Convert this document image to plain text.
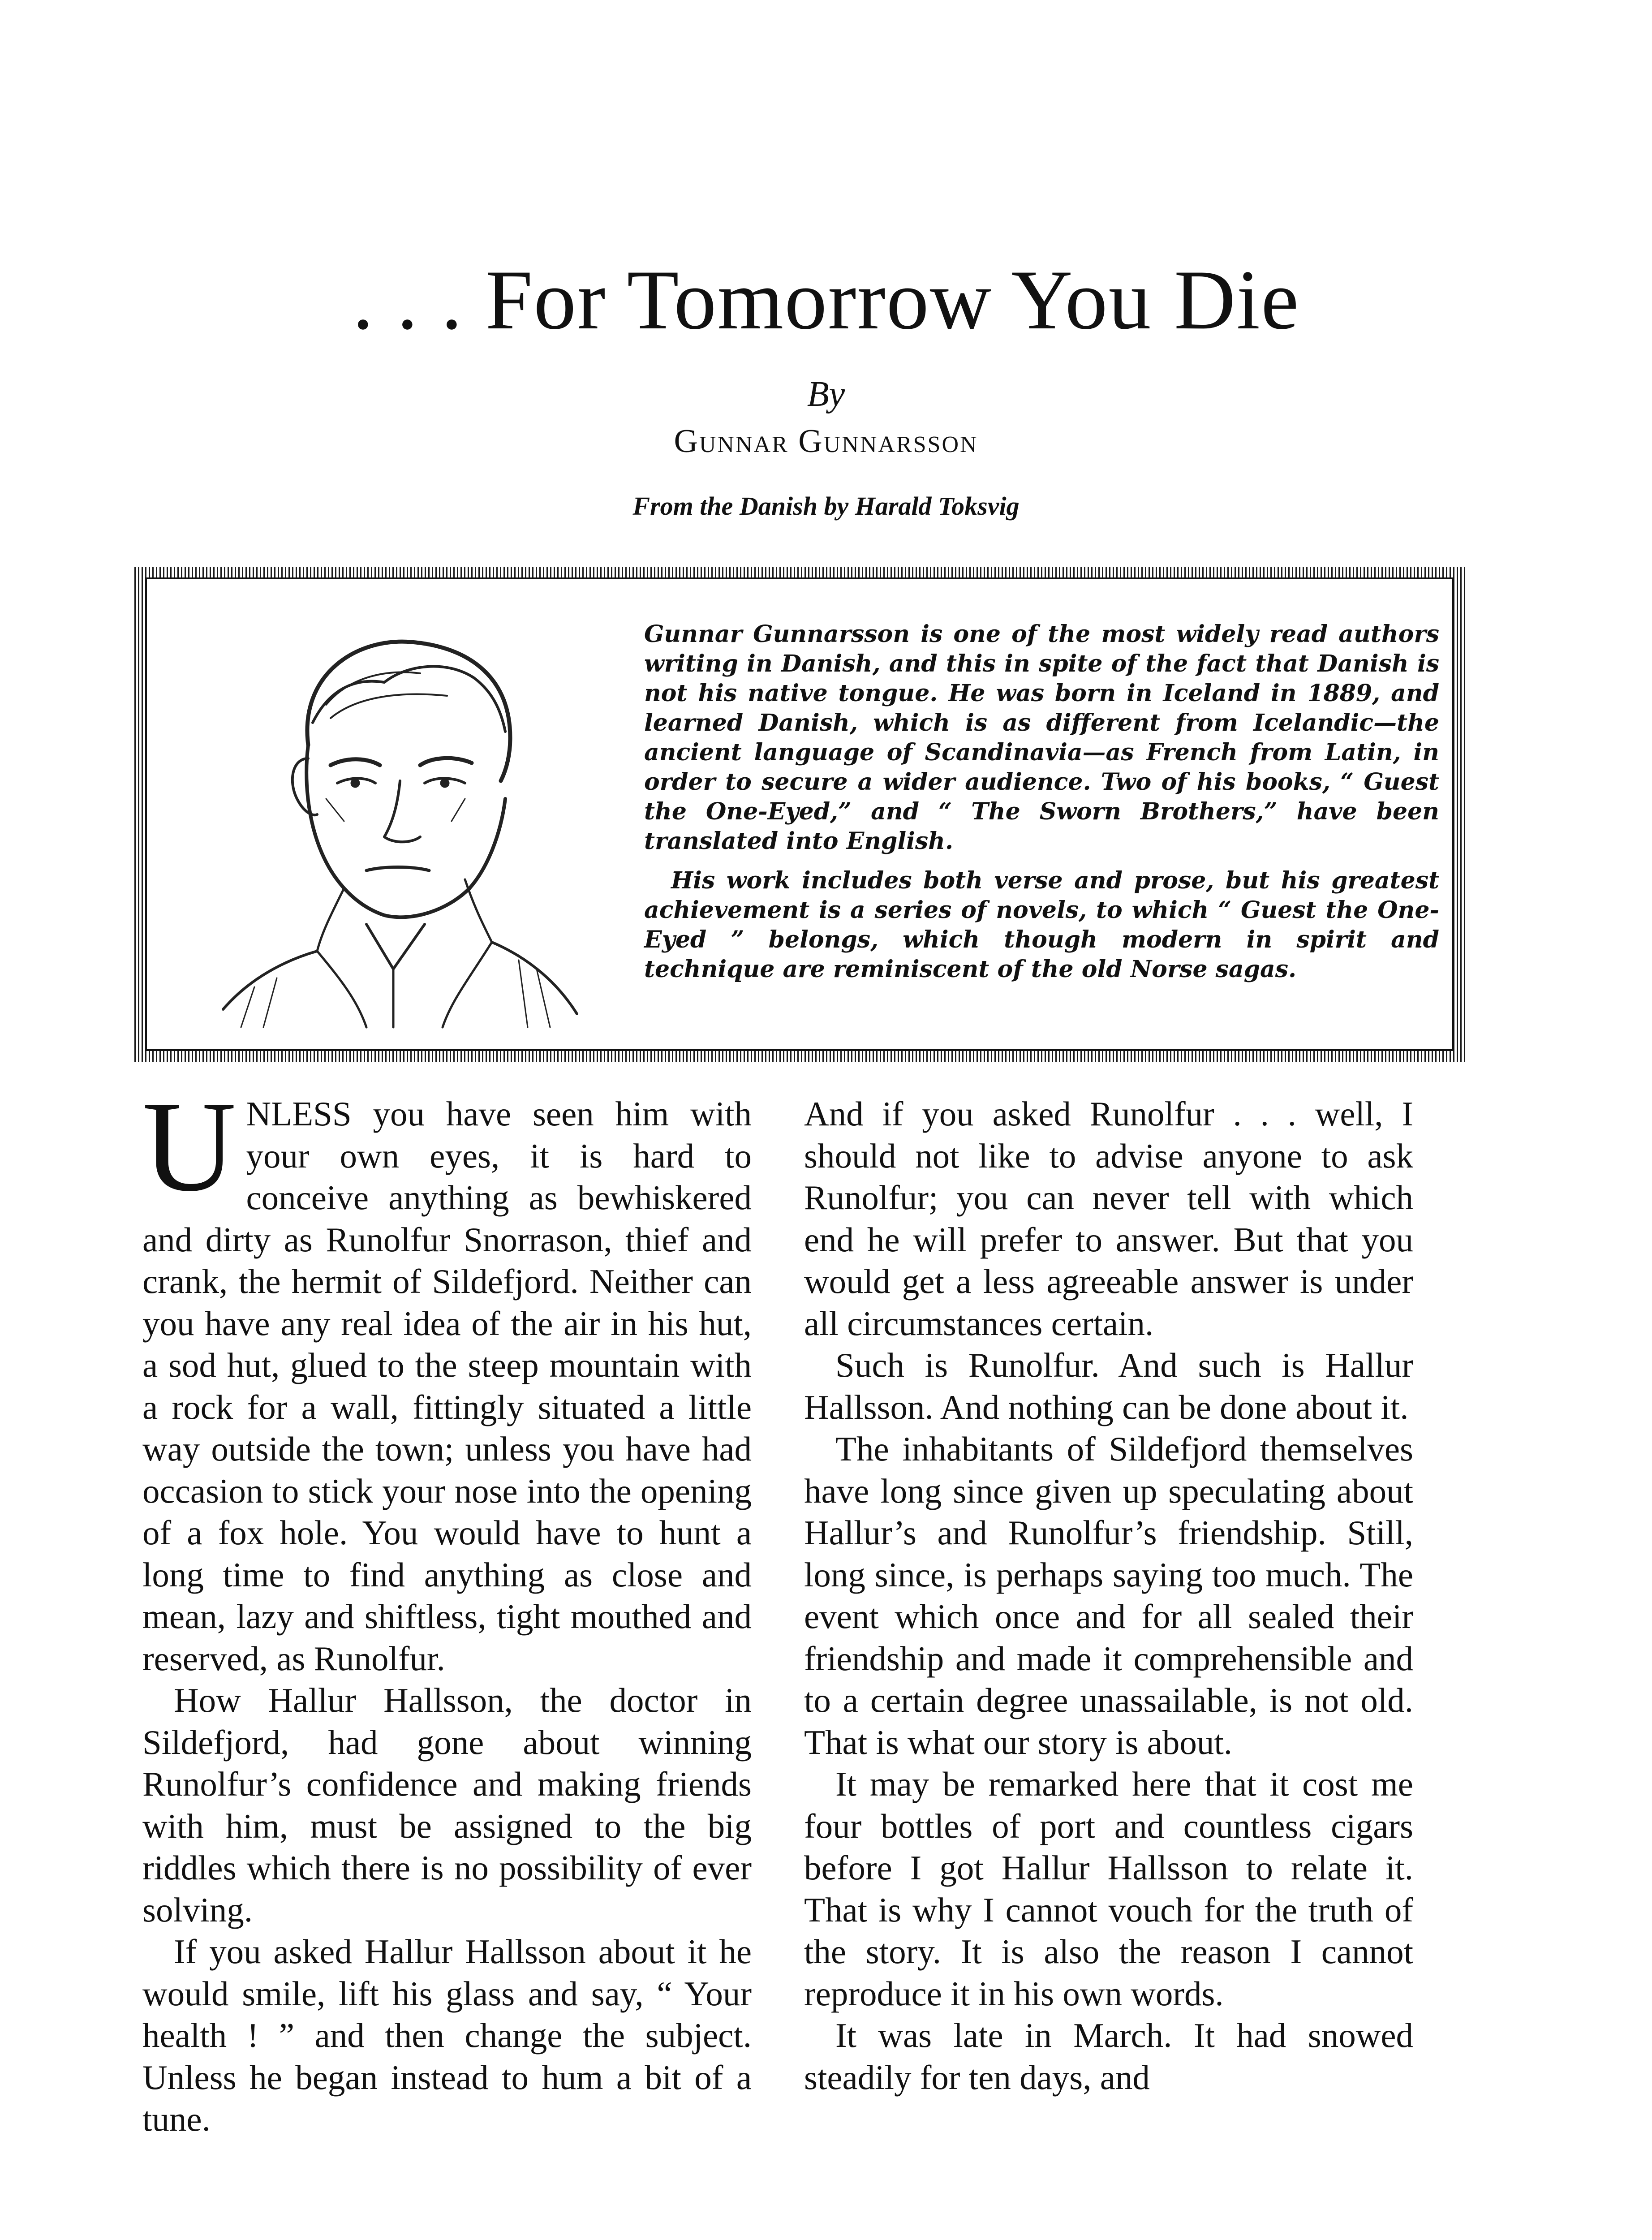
. . . For Tomorrow You Die
By
Gunnar Gunnarsson
From the Danish by Harald Toksvig

Gunnar Gunnarsson is one of the most widely read authors writing in Danish, and this in spite of the fact that Danish is not his native tongue. He was born in Iceland in 1889, and learned Danish, which is as different from Icelandic—the ancient language of Scandinavia—as French from Latin, in order to secure a wider audience. Two of his books, “ Guest the One-Eyed,” and “ The Sworn Brothers,” have been translated into English.

His work includes both verse and prose, but his greatest achievement is a series of novels, to which “ Guest the One-Eyed ” belongs, which though modern in spirit and technique are reminiscent of the old Norse sagas.

UNLESS you have seen him with your own eyes, it is hard to conceive anything as bewhiskered and dirty as Runolfur Snorrason, thief and crank, the hermit of Sildefjord. Neither can you have any real idea of the air in his hut, a sod hut, glued to the steep mountain with a rock for a wall, fittingly situated a little way outside the town; unless you have had occasion to stick your nose into the opening of a fox hole. You would have to hunt a long time to find anything as close and mean, lazy and shiftless, tight mouthed and reserved, as Runolfur.

How Hallur Hallsson, the doctor in Sildefjord, had gone about winning Runolfur’s confidence and making friends with him, must be assigned to the big riddles which there is no possibility of ever solving.

If you asked Hallur Hallsson about it he would smile, lift his glass and say, “ Your health ! ” and then change the subject. Unless he began instead to hum a bit of a tune.

And if you asked Runolfur . . . well, I should not like to advise anyone to ask Runolfur; you can never tell with which end he will prefer to answer. But that you would get a less agreeable answer is under all circumstances certain.

Such is Runolfur. And such is Hallur Hallsson. And nothing can be done about it.

The inhabitants of Sildefjord themselves have long since given up speculating about Hallur’s and Runolfur’s friendship. Still, long since, is perhaps saying too much. The event which once and for all sealed their friendship and made it comprehensible and to a certain degree unassailable, is not old. That is what our story is about.

It may be remarked here that it cost me four bottles of port and countless cigars before I got Hallur Hallsson to relate it. That is why I cannot vouch for the truth of the story. It is also the reason I cannot reproduce it in his own words.

It was late in March. It had snowed steadily for ten days, and
